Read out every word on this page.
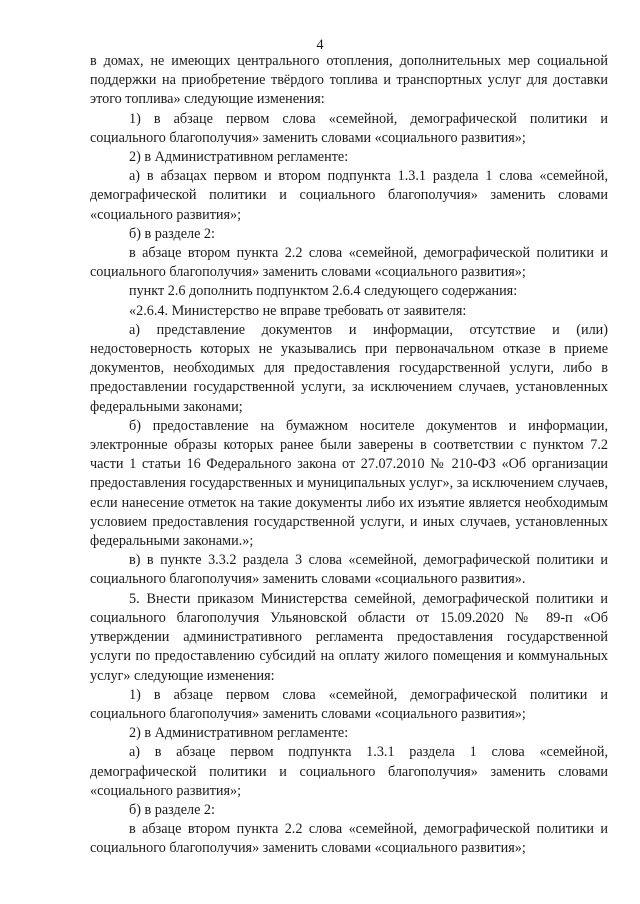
4

в домах, не имеющих центрального отопления, дополнительных мер социальной поддержки на приобретение твёрдого топлива и транспортных услуг для доставки этого топлива» следующие изменения:

1) в абзаце первом слова «семейной, демографической политики и социального благополучия» заменить словами «социального развития»;

2) в Административном регламенте:

а) в абзацах первом и втором подпункта 1.3.1 раздела 1 слова «семейной, демографической политики и социального благополучия» заменить словами «социального развития»;

б) в разделе 2:

в абзаце втором пункта 2.2 слова «семейной, демографической политики и социального благополучия» заменить словами «социального развития»;

пункт 2.6 дополнить подпунктом 2.6.4 следующего содержания:

«2.6.4. Министерство не вправе требовать от заявителя:

а) представление документов и информации, отсутствие и (или) недостоверность которых не указывались при первоначальном отказе в приеме документов, необходимых для предоставления государственной услуги, либо в предоставлении государственной услуги, за исключением случаев, установленных федеральными законами;

б) предоставление на бумажном носителе документов и информации, электронные образы которых ранее были заверены в соответствии с пунктом 7.2 части 1 статьи 16 Федерального закона от 27.07.2010 № 210-ФЗ «Об организации предоставления государственных и муниципальных услуг», за исключением случаев, если нанесение отметок на такие документы либо их изъятие является необходимым условием предоставления государственной услуги, и иных случаев, установленных федеральными законами.»;

в) в пункте 3.3.2 раздела 3 слова «семейной, демографической политики и социального благополучия» заменить словами «социального развития».

5. Внести приказом Министерства семейной, демографической политики и социального благополучия Ульяновской области от 15.09.2020 № 89-п «Об утверждении административного регламента предоставления государственной услуги по предоставлению субсидий на оплату жилого помещения и коммунальных услуг» следующие изменения:

1) в абзаце первом слова «семейной, демографической политики и социального благополучия» заменить словами «социального развития»;

2) в Административном регламенте:

а) в абзаце первом подпункта 1.3.1 раздела 1 слова «семейной, демографической политики и социального благополучия» заменить словами «социального развития»;

б) в разделе 2:

в абзаце втором пункта 2.2 слова «семейной, демографической политики и социального благополучия» заменить словами «социального развития»;
